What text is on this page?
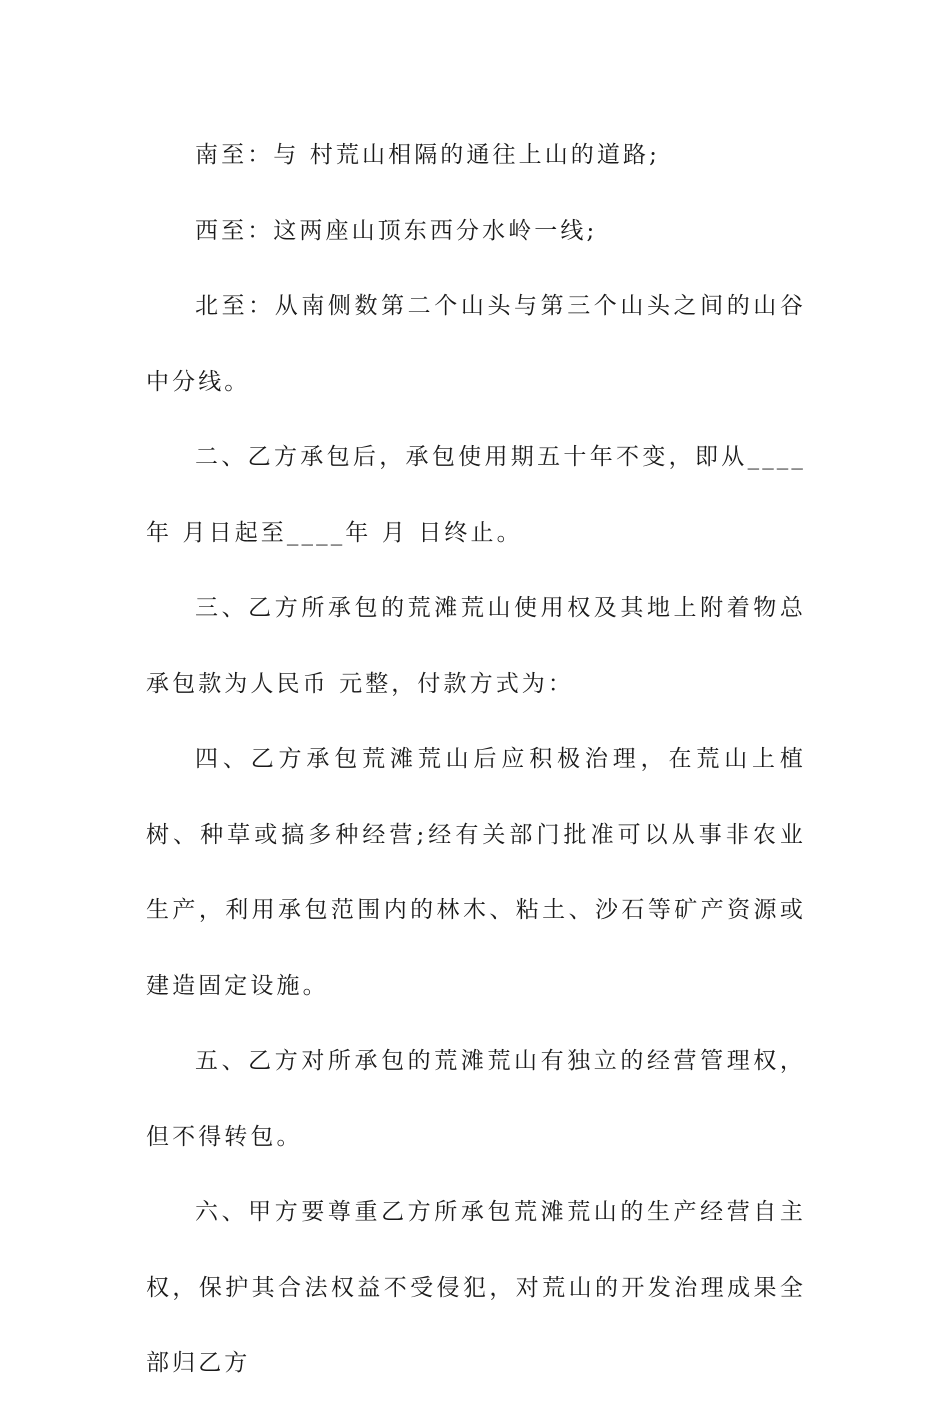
南至：与 村荒山相隔的通往上山的道路;

西至：这两座山顶东西分水岭一线;

北至：从南侧数第二个山头与第三个山头之间的山谷中分线。

二、乙方承包后，承包使用期五十年不变，即从____年 月日起至____年 月 日终止。

三、乙方所承包的荒滩荒山使用权及其地上附着物总承包款为人民币 元整，付款方式为：

四、乙方承包荒滩荒山后应积极治理，在荒山上植树、种草或搞多种经营;经有关部门批准可以从事非农业生产，利用承包范围内的林木、粘土、沙石等矿产资源或建造固定设施。

五、乙方对所承包的荒滩荒山有独立的经营管理权，但不得转包。

六、甲方要尊重乙方所承包荒滩荒山的生产经营自主权，保护其合法权益不受侵犯，对荒山的开发治理成果全部归乙方
